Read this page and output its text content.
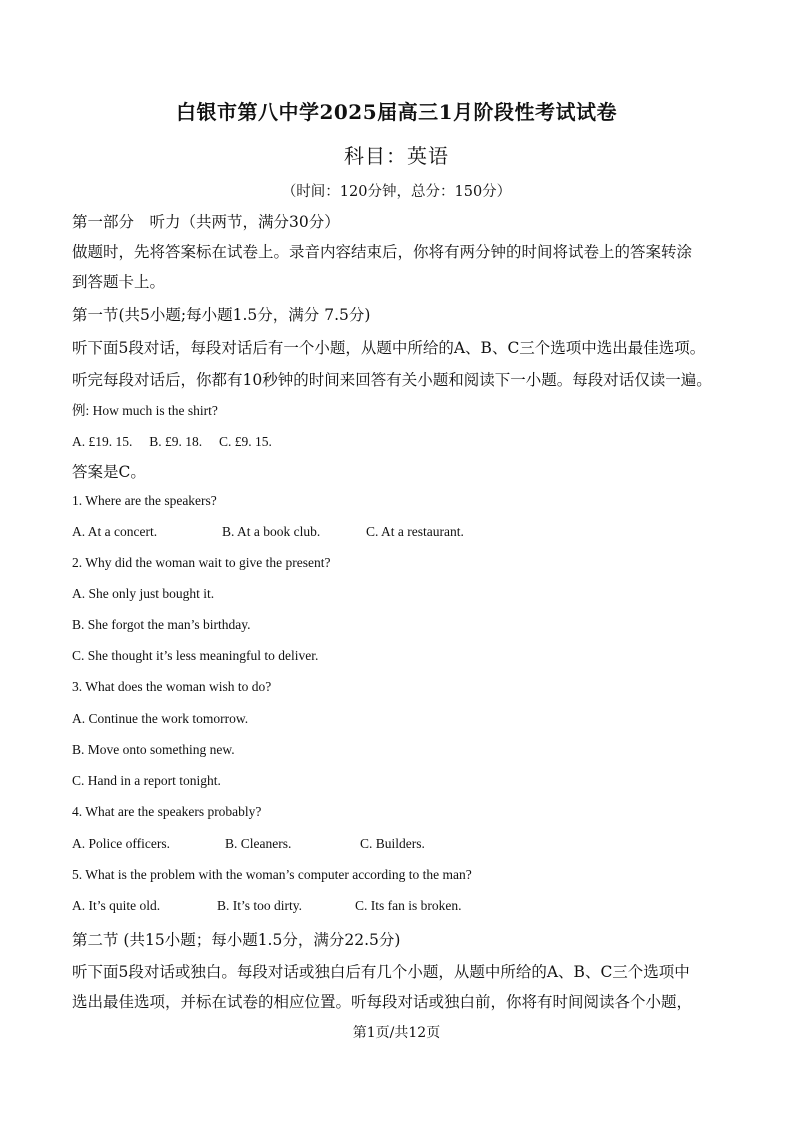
白银市第八中学2025届高三1月阶段性考试试卷
科目：英语
（时间：120分钟，总分：150分）
第一部分　听力（共两节，满分30分）
做题时，先将答案标在试卷上。录音内容结束后，你将有两分钟的时间将试卷上的答案转涂
到答题卡上。
第一节(共5小题;每小题1.5分，满分 7.5分)
听下面5段对话，每段对话后有一个小题，从题中所给的A、B、C三个选项中选出最佳选项。
听完每段对话后，你都有10秒钟的时间来回答有关小题和阅读下一小题。每段对话仅读一遍。
例: How much is the shirt?
A. £19. 15.　 B. £9. 18.　 C. £9. 15.
答案是C。
1. Where are the speakers?
A. At a concert.	B. At a book club.	C. At a restaurant.
2. Why did the woman wait to give the present?
A. She only just bought it.
B. She forgot the man’s birthday.
C. She thought it’s less meaningful to deliver.
3. What does the woman wish to do?
A. Continue the work tomorrow.
B. Move onto something new.
C. Hand in a report tonight.
4. What are the speakers probably?
A. Police officers.	B. Cleaners.	C. Builders.
5. What is the problem with the woman’s computer according to the man?
A. It’s quite old.	B. It’s too dirty.	C. Its fan is broken.
第二节 (共15小题；每小题1.5分，满分22.5分)
听下面5段对话或独白。每段对话或独白后有几个小题，从题中所给的A、B、C三个选项中
选出最佳选项，并标在试卷的相应位置。听每段对话或独白前，你将有时间阅读各个小题，
第1页/共12页
